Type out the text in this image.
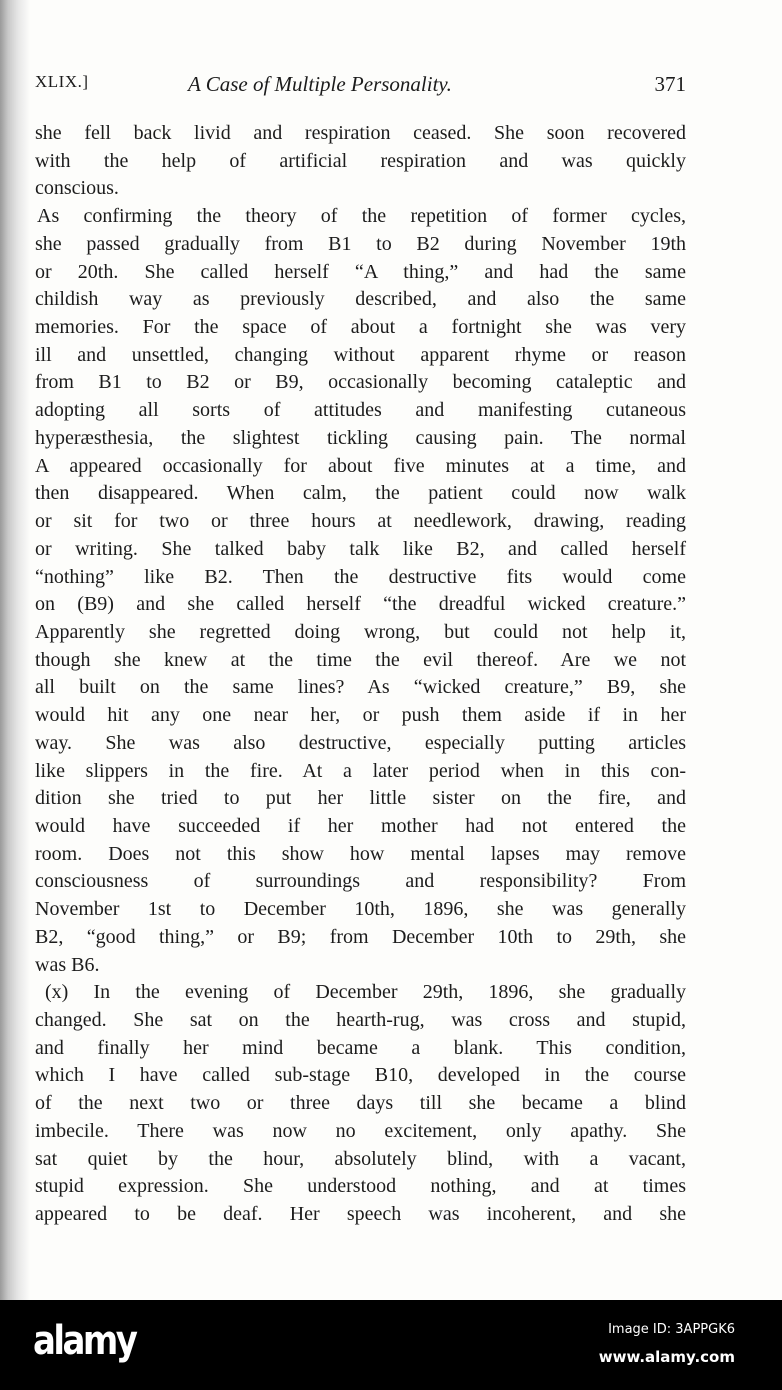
XLIX.]	A Case of Multiple Personality.	371
she fell back livid and respiration ceased. She soon recovered
with the help of artificial respiration and was quickly
conscious.
As confirming the theory of the repetition of former cycles,
she passed gradually from B1 to B2 during November 19th
or 20th. She called herself “A thing,” and had the same
childish way as previously described, and also the same
memories. For the space of about a fortnight she was very
ill and unsettled, changing without apparent rhyme or reason
from B1 to B2 or B9, occasionally becoming cataleptic and
adopting all sorts of attitudes and manifesting cutaneous
hyperæsthesia, the slightest tickling causing pain. The normal
A appeared occasionally for about five minutes at a time, and
then disappeared. When calm, the patient could now walk
or sit for two or three hours at needlework, drawing, reading
or writing. She talked baby talk like B2, and called herself
“nothing” like B2. Then the destructive fits would come
on (B9) and she called herself “the dreadful wicked creature.”
Apparently she regretted doing wrong, but could not help it,
though she knew at the time the evil thereof. Are we not
all built on the same lines? As “wicked creature,” B9, she
would hit any one near her, or push them aside if in her
way. She was also destructive, especially putting articles
like slippers in the fire. At a later period when in this con-
dition she tried to put her little sister on the fire, and
would have succeeded if her mother had not entered the
room. Does not this show how mental lapses may remove
consciousness of surroundings and responsibility? From
November 1st to December 10th, 1896, she was generally
B2, “good thing,” or B9; from December 10th to 29th, she
was B6.
(x) In the evening of December 29th, 1896, she gradually
changed. She sat on the hearth-rug, was cross and stupid,
and finally her mind became a blank. This condition,
which I have called sub-stage B10, developed in the course
of the next two or three days till she became a blind
imbecile. There was now no excitement, only apathy. She
sat quiet by the hour, absolutely blind, with a vacant,
stupid expression. She understood nothing, and at times
appeared to be deaf. Her speech was incoherent, and she
alamy	Image ID: 3APPGK6
www.alamy.com
